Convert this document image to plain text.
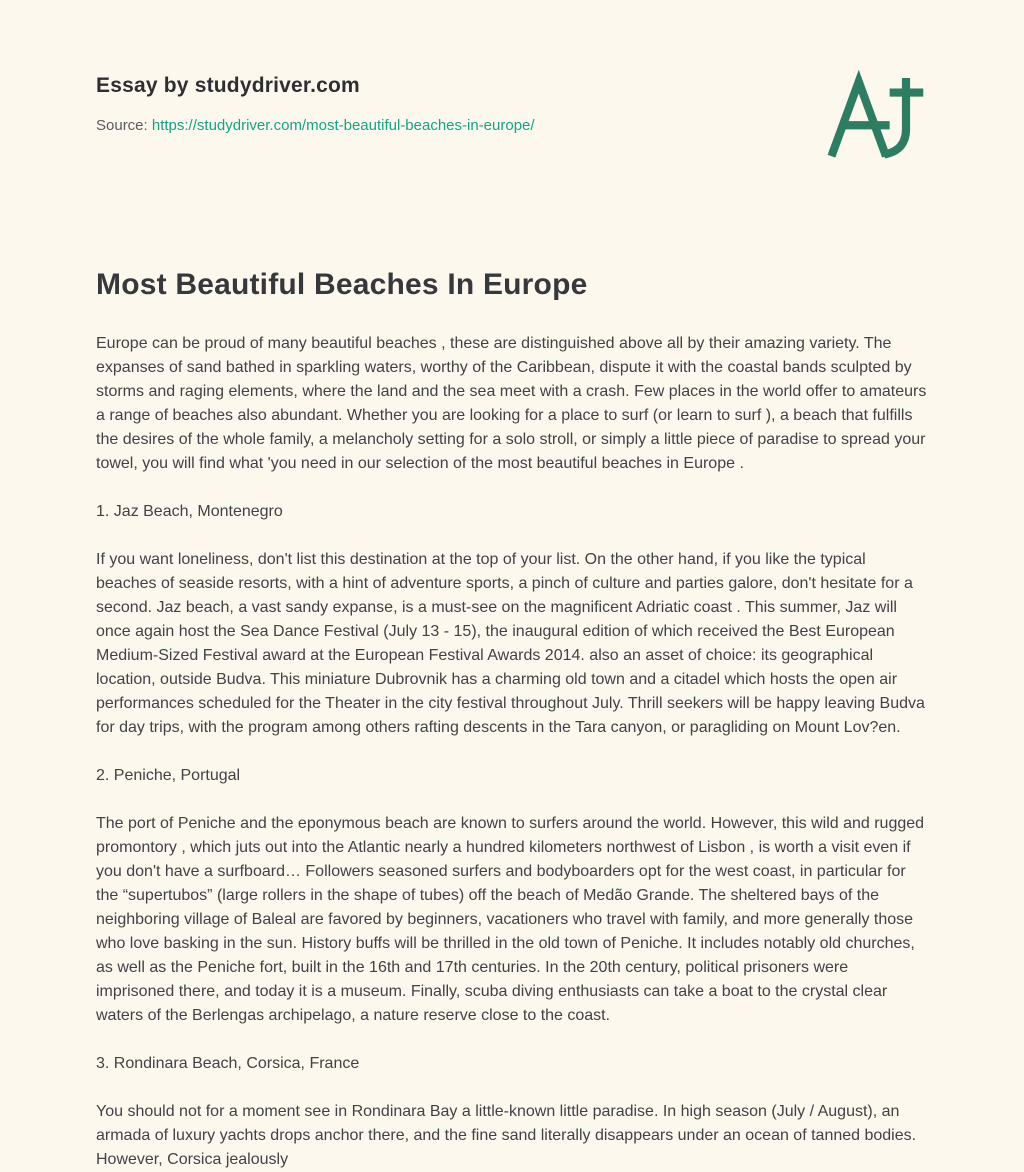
Essay by studydriver.com
Source: https://studydriver.com/most-beautiful-beaches-in-europe/
Most Beautiful Beaches In Europe

Europe can be proud of many beautiful beaches , these are distinguished above all by their amazing variety. The expanses of sand bathed in sparkling waters, worthy of the Caribbean, dispute it with the coastal bands sculpted by storms and raging elements, where the land and the sea meet with a crash. Few places in the world offer to amateurs a range of beaches also abundant. Whether you are looking for a place to surf (or learn to surf ), a beach that fulfills the desires of the whole family, a melancholy setting for a solo stroll, or simply a little piece of paradise to spread your towel, you will find what 'you need in our selection of the most beautiful beaches in Europe .

1. Jaz Beach, Montenegro

If you want loneliness, don't list this destination at the top of your list. On the other hand, if you like the typical beaches of seaside resorts, with a hint of adventure sports, a pinch of culture and parties galore, don't hesitate for a second. Jaz beach, a vast sandy expanse, is a must-see on the magnificent Adriatic coast . This summer, Jaz will once again host the Sea Dance Festival (July 13 - 15), the inaugural edition of which received the Best European Medium-Sized Festival award at the European Festival Awards 2014. also an asset of choice: its geographical location, outside Budva. This miniature Dubrovnik has a charming old town and a citadel which hosts the open air performances scheduled for the Theater in the city festival throughout July. Thrill seekers will be happy leaving Budva for day trips, with the program among others rafting descents in the Tara canyon, or paragliding on Mount Lov?en.

2. Peniche, Portugal

The port of Peniche and the eponymous beach are known to surfers around the world. However, this wild and rugged promontory , which juts out into the Atlantic nearly a hundred kilometers northwest of Lisbon , is worth a visit even if you don't have a surfboard… Followers seasoned surfers and bodyboarders opt for the west coast, in particular for the “supertubos” (large rollers in the shape of tubes) off the beach of Medão Grande. The sheltered bays of the neighboring village of Baleal are favored by beginners, vacationers who travel with family, and more generally those who love basking in the sun. History buffs will be thrilled in the old town of Peniche. It includes notably old churches, as well as the Peniche fort, built in the 16th and 17th centuries. In the 20th century, political prisoners were imprisoned there, and today it is a museum. Finally, scuba diving enthusiasts can take a boat to the crystal clear waters of the Berlengas archipelago, a nature reserve close to the coast.

3. Rondinara Beach, Corsica, France

You should not for a moment see in Rondinara Bay a little-known little paradise. In high season (July / August), an armada of luxury yachts drops anchor there, and the fine sand literally disappears under an ocean of tanned bodies. However, Corsica jealously
